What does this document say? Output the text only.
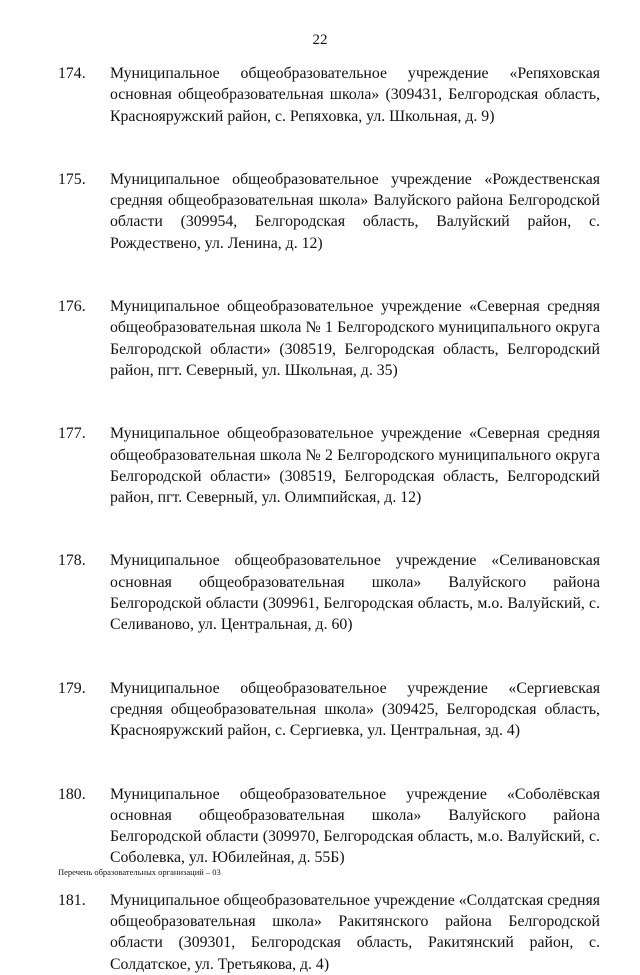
22
174. Муниципальное общеобразовательное учреждение «Репяховская основная общеобразовательная школа» (309431, Белгородская область, Краснояружский район, с. Репяховка, ул. Школьная, д. 9)
175. Муниципальное общеобразовательное учреждение «Рождественская средняя общеобразовательная школа» Валуйского района Белгородской области (309954, Белгородская область, Валуйский район, с. Рождествено, ул. Ленина, д. 12)
176. Муниципальное общеобразовательное учреждение «Северная средняя общеобразовательная школа № 1 Белгородского муниципального округа Белгородской области» (308519, Белгородская область, Белгородский район, пгт. Северный, ул. Школьная, д. 35)
177. Муниципальное общеобразовательное учреждение «Северная средняя общеобразовательная школа № 2 Белгородского муниципального округа Белгородской области» (308519, Белгородская область, Белгородский район, пгт. Северный, ул. Олимпийская, д. 12)
178. Муниципальное общеобразовательное учреждение «Селивановская основная общеобразовательная школа» Валуйского района Белгородской области (309961, Белгородская область, м.о. Валуйский, с. Селиваново, ул. Центральная, д. 60)
179. Муниципальное общеобразовательное учреждение «Сергиевская средняя общеобразовательная школа» (309425, Белгородская область, Краснояружский район, с. Сергиевка, ул. Центральная, зд. 4)
180. Муниципальное общеобразовательное учреждение «Соболёвская основная общеобразовательная школа» Валуйского района Белгородской области (309970, Белгородская область, м.о. Валуйский, с. Соболевка, ул. Юбилейная, д. 55Б)
181. Муниципальное общеобразовательное учреждение «Солдатская средняя общеобразовательная школа» Ракитянского района Белгородской области (309301, Белгородская область, Ракитянский район, с. Солдатское, ул. Третьякова, д. 4)
Перечень образовательных организаций – 03
